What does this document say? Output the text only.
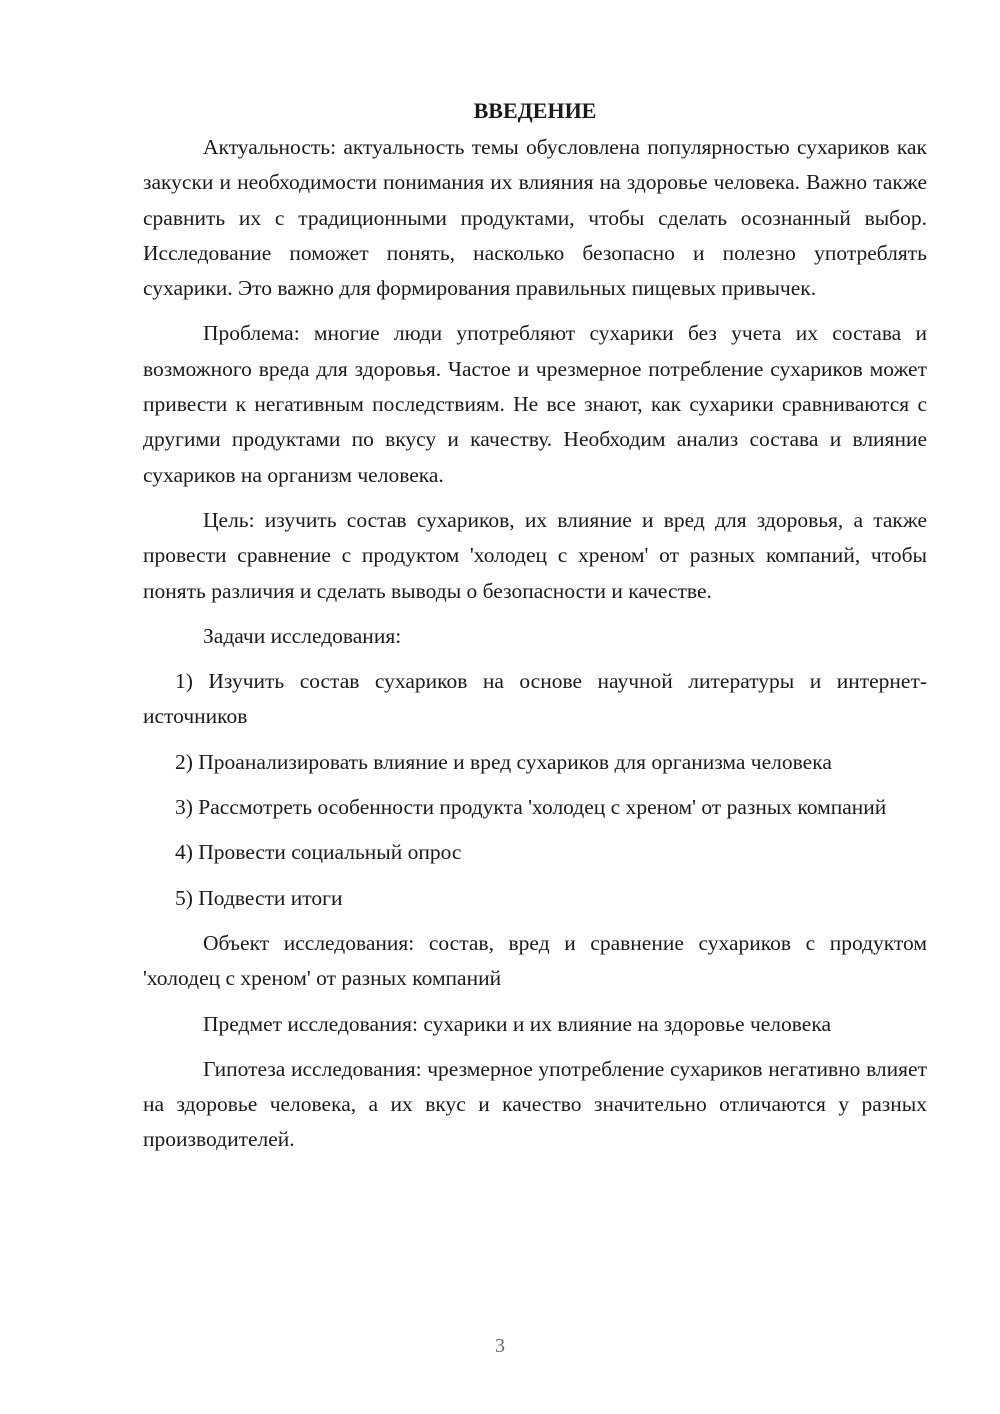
ВВЕДЕНИЕ

Актуальность: актуальность темы обусловлена популярностью сухариков как закуски и необходимости понимания их влияния на здоровье человека. Важно также сравнить их с традиционными продуктами, чтобы сделать осознанный выбор. Исследование поможет понять, насколько безопасно и полезно употреблять сухарики. Это важно для формирования правильных пищевых привычек.

Проблема: многие люди употребляют сухарики без учета их состава и возможного вреда для здоровья. Частое и чрезмерное потребление сухариков может привести к негативным последствиям. Не все знают, как сухарики сравниваются с другими продуктами по вкусу и качеству. Необходим анализ состава и влияние сухариков на организм человека.

Цель: изучить состав сухариков, их влияние и вред для здоровья, а также провести сравнение с продуктом 'холодец с хреном' от разных компаний, чтобы понять различия и сделать выводы о безопасности и качестве.

Задачи исследования:

1) Изучить состав сухариков на основе научной литературы и интернет-источников

2) Проанализировать влияние и вред сухариков для организма человека

3) Рассмотреть особенности продукта 'холодец с хреном' от разных компаний

4) Провести социальный опрос

5) Подвести итоги

Объект исследования: состав, вред и сравнение сухариков с продуктом 'холодец с хреном' от разных компаний

Предмет исследования: сухарики и их влияние на здоровье человека

Гипотеза исследования: чрезмерное употребление сухариков негативно влияет на здоровье человека, а их вкус и качество значительно отличаются у разных производителей.

3
